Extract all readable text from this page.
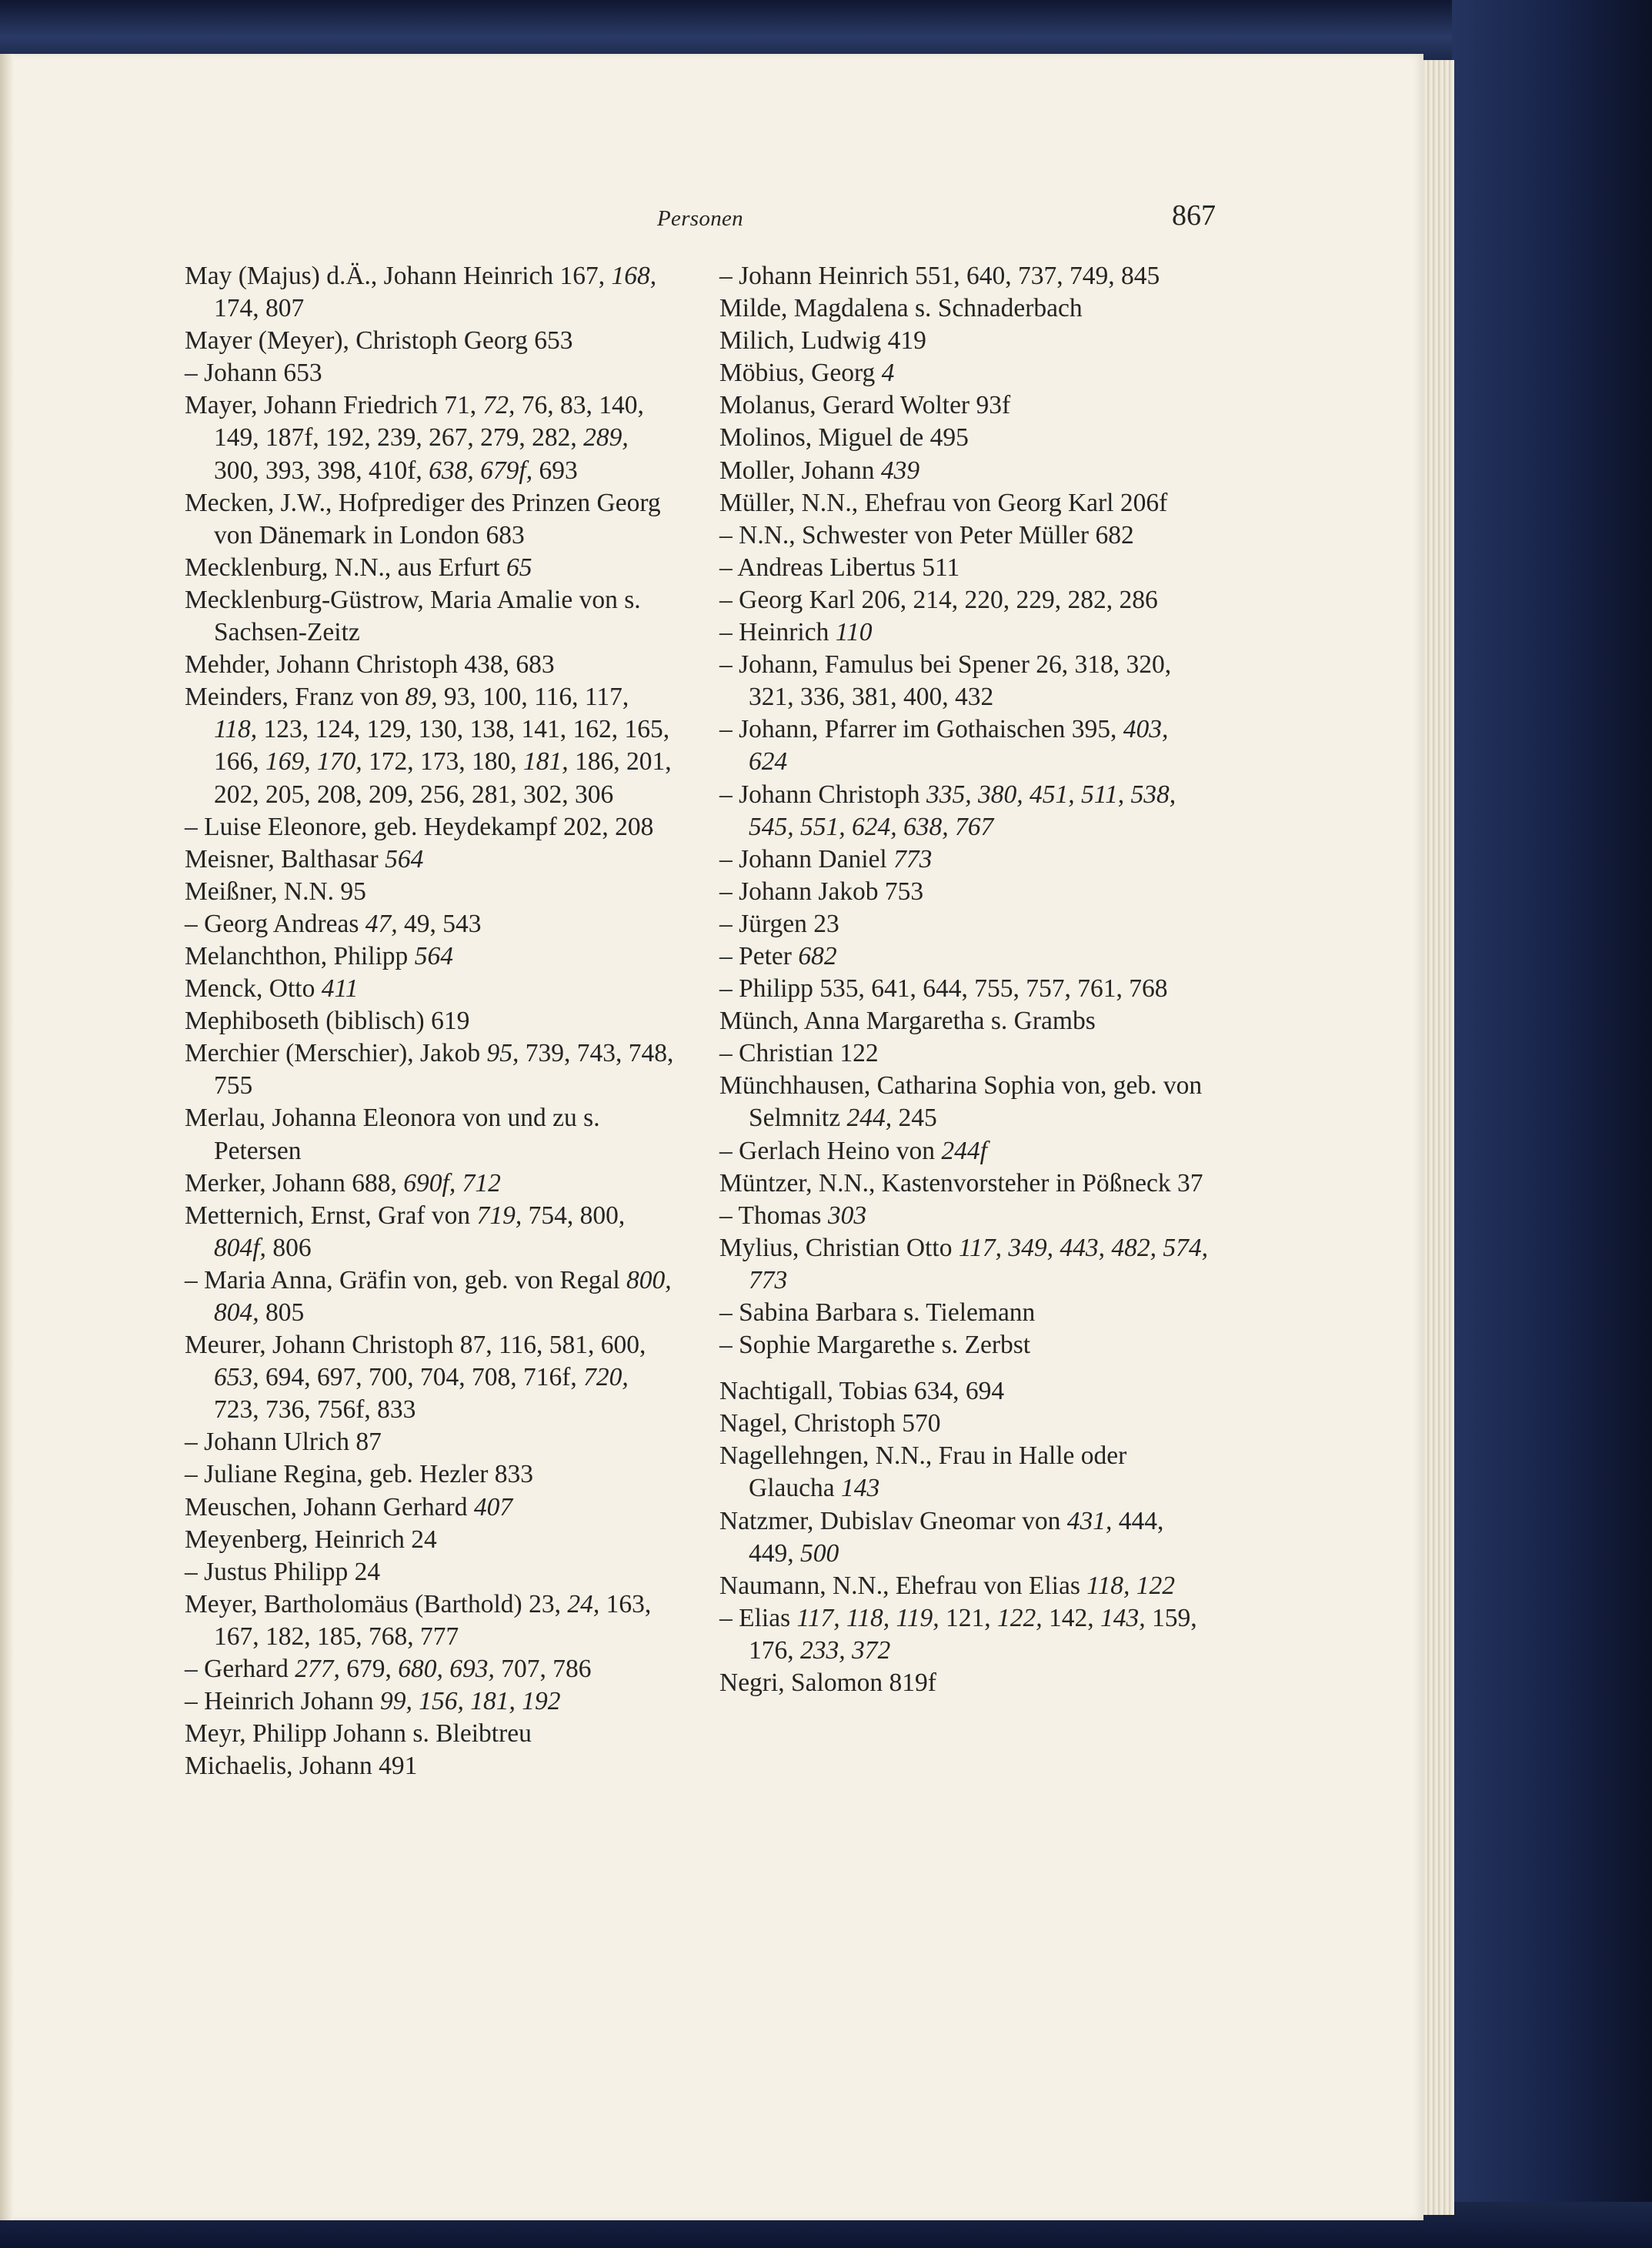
Personen	867
May (Majus) d.Ä., Johann Heinrich 167, 168, 174, 807
Mayer (Meyer), Christoph Georg 653
– Johann 653
Mayer, Johann Friedrich 71, 72, 76, 83, 140, 149, 187f, 192, 239, 267, 279, 282, 289, 300, 393, 398, 410f, 638, 679f, 693
Mecken, J.W., Hofprediger des Prinzen Georg von Dänemark in London 683
Mecklenburg, N.N., aus Erfurt 65
Mecklenburg-Güstrow, Maria Amalie von s. Sachsen-Zeitz
Mehder, Johann Christoph 438, 683
Meinders, Franz von 89, 93, 100, 116, 117, 118, 123, 124, 129, 130, 138, 141, 162, 165, 166, 169, 170, 172, 173, 180, 181, 186, 201, 202, 205, 208, 209, 256, 281, 302, 306
– Luise Eleonore, geb. Heydekampf 202, 208
Meisner, Balthasar 564
Meißner, N.N. 95
– Georg Andreas 47, 49, 543
Melanchthon, Philipp 564
Menck, Otto 411
Mephiboseth (biblisch) 619
Merchier (Merschier), Jakob 95, 739, 743, 748, 755
Merlau, Johanna Eleonora von und zu s. Petersen
Merker, Johann 688, 690f, 712
Metternich, Ernst, Graf von 719, 754, 800, 804f, 806
– Maria Anna, Gräfin von, geb. von Regal 800, 804, 805
Meurer, Johann Christoph 87, 116, 581, 600, 653, 694, 697, 700, 704, 708, 716f, 720, 723, 736, 756f, 833
– Johann Ulrich 87
– Juliane Regina, geb. Hezler 833
Meuschen, Johann Gerhard 407
Meyenberg, Heinrich 24
– Justus Philipp 24
Meyer, Bartholomäus (Barthold) 23, 24, 163, 167, 182, 185, 768, 777
– Gerhard 277, 679, 680, 693, 707, 786
– Heinrich Johann 99, 156, 181, 192
Meyr, Philipp Johann s. Bleibtreu
Michaelis, Johann 491
– Johann Heinrich 551, 640, 737, 749, 845
Milde, Magdalena s. Schnaderbach
Milich, Ludwig 419
Möbius, Georg 4
Molanus, Gerard Wolter 93f
Molinos, Miguel de 495
Moller, Johann 439
Müller, N.N., Ehefrau von Georg Karl 206f
– N.N., Schwester von Peter Müller 682
– Andreas Libertus 511
– Georg Karl 206, 214, 220, 229, 282, 286
– Heinrich 110
– Johann, Famulus bei Spener 26, 318, 320, 321, 336, 381, 400, 432
– Johann, Pfarrer im Gothaischen 395, 403, 624
– Johann Christoph 335, 380, 451, 511, 538, 545, 551, 624, 638, 767
– Johann Daniel 773
– Johann Jakob 753
– Jürgen 23
– Peter 682
– Philipp 535, 641, 644, 755, 757, 761, 768
Münch, Anna Margaretha s. Grambs
– Christian 122
Münchhausen, Catharina Sophia von, geb. von Selmnitz 244, 245
– Gerlach Heino von 244f
Müntzer, N.N., Kastenvorsteher in Pößneck 37
– Thomas 303
Mylius, Christian Otto 117, 349, 443, 482, 574, 773
– Sabina Barbara s. Tielemann
– Sophie Margarethe s. Zerbst
Nachtigall, Tobias 634, 694
Nagel, Christoph 570
Nagellehngen, N.N., Frau in Halle oder Glaucha 143
Natzmer, Dubislav Gneomar von 431, 444, 449, 500
Naumann, N.N., Ehefrau von Elias 118, 122
– Elias 117, 118, 119, 121, 122, 142, 143, 159, 176, 233, 372
Negri, Salomon 819f
